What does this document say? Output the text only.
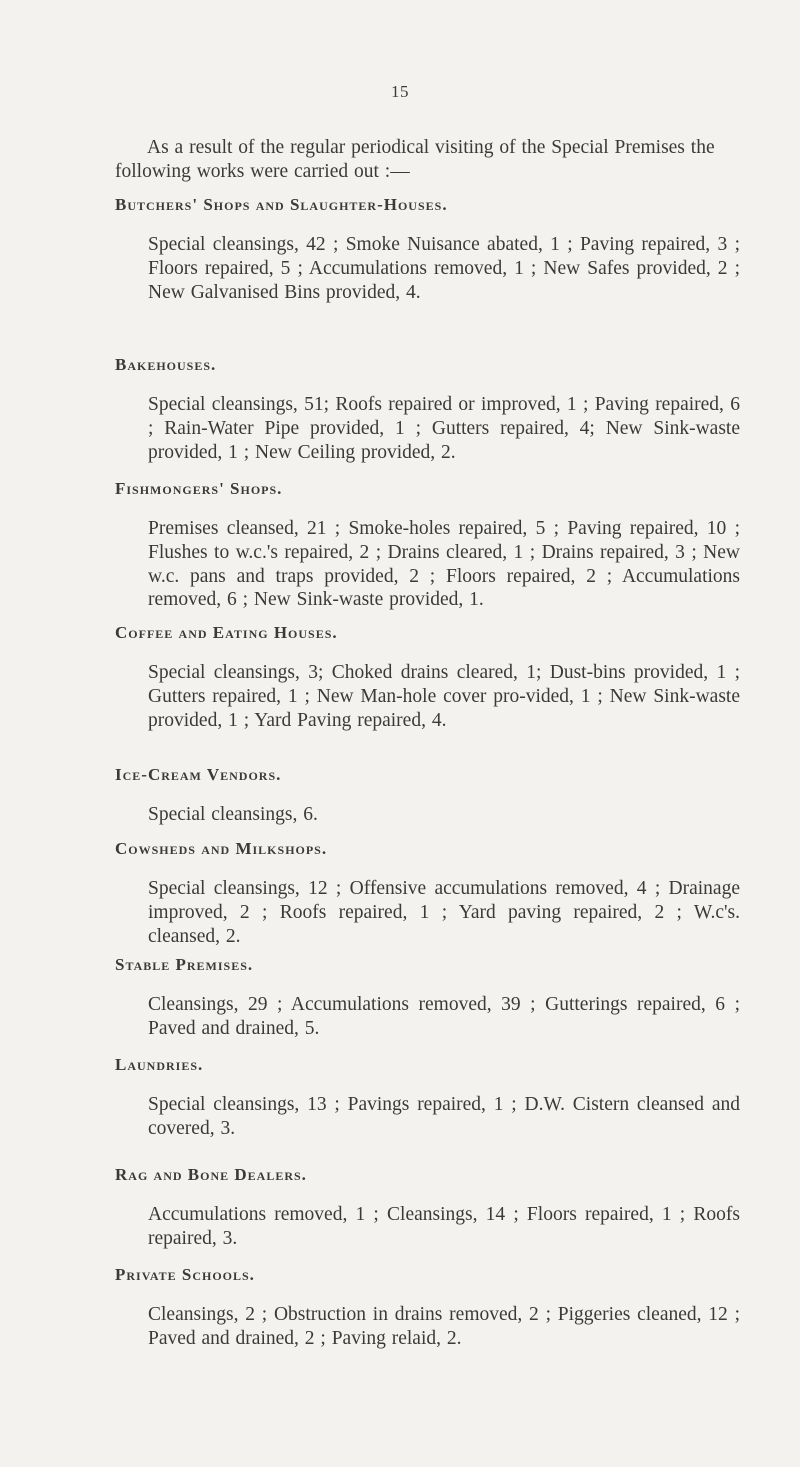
15

As a result of the regular periodical visiting of the Special Premises the following works were carried out :—

Butchers' Shops and Slaughter-Houses.

Special cleansings, 42 ; Smoke Nuisance abated, 1 ; Paving repaired, 3 ; Floors repaired, 5 ; Accumulations removed, 1 ; New Safes provided, 2 ; New Galvanised Bins provided, 4.

Bakehouses.

Special cleansings, 51; Roofs repaired or improved, 1 ; Paving repaired, 6 ; Rain-Water Pipe provided, 1 ; Gutters repaired, 4; New Sink-waste provided, 1 ; New Ceiling provided, 2.

Fishmongers' Shops.

Premises cleansed, 21 ; Smoke-holes repaired, 5 ; Paving repaired, 10 ; Flushes to w.c.'s repaired, 2 ; Drains cleared, 1 ; Drains repaired, 3 ; New w.c. pans and traps provided, 2 ; Floors repaired, 2 ; Accumulations removed, 6 ; New Sink-waste provided, 1.

Coffee and Eating Houses.

Special cleansings, 3; Choked drains cleared, 1; Dust-bins provided, 1 ; Gutters repaired, 1 ; New Man-hole cover pro-vided, 1 ; New Sink-waste provided, 1 ; Yard Paving repaired, 4.

Ice-Cream Vendors.

Special cleansings, 6.

Cowsheds and Milkshops.

Special cleansings, 12 ; Offensive accumulations removed, 4 ; Drainage improved, 2 ; Roofs repaired, 1 ; Yard paving repaired, 2 ; W.c's. cleansed, 2.

Stable Premises.

Cleansings, 29 ; Accumulations removed, 39 ; Gutterings repaired, 6 ; Paved and drained, 5.

Laundries.

Special cleansings, 13 ; Pavings repaired, 1 ; D.W. Cistern cleansed and covered, 3.

Rag and Bone Dealers.

Accumulations removed, 1 ; Cleansings, 14 ; Floors repaired, 1 ; Roofs repaired, 3.

Private Schools.

Cleansings, 2 ; Obstruction in drains removed, 2 ; Piggeries cleaned, 12 ; Paved and drained, 2 ; Paving relaid, 2.
